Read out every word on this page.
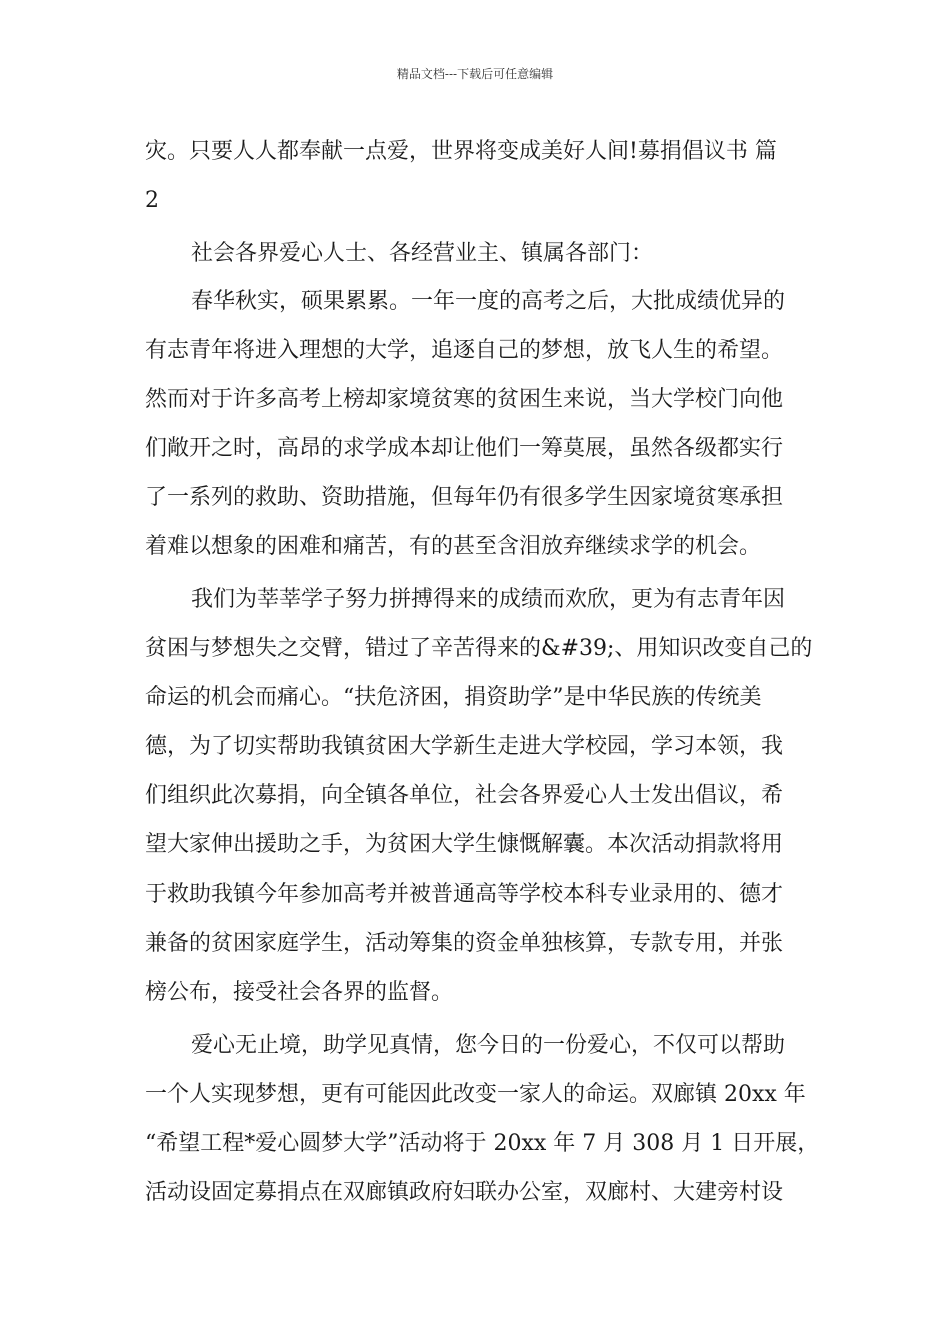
精品文档---下载后可任意编辑
灾。只要人人都奉献一点爱，世界将变成美好人间!募捐倡议书 篇
2
社会各界爱心人士、各经营业主、镇属各部门：
春华秋实，硕果累累。一年一度的高考之后，大批成绩优异的
有志青年将进入理想的大学，追逐自己的梦想，放飞人生的希望。
然而对于许多高考上榜却家境贫寒的贫困生来说，当大学校门向他
们敞开之时，高昂的求学成本却让他们一筹莫展，虽然各级都实行
了一系列的救助、资助措施，但每年仍有很多学生因家境贫寒承担
着难以想象的困难和痛苦，有的甚至含泪放弃继续求学的机会。
我们为莘莘学子努力拼搏得来的成绩而欢欣，更为有志青年因
贫困与梦想失之交臂，错过了辛苦得来的&#39;、用知识改变自己的
命运的机会而痛心。“扶危济困，捐资助学”是中华民族的传统美
德，为了切实帮助我镇贫困大学新生走进大学校园，学习本领，我
们组织此次募捐，向全镇各单位，社会各界爱心人士发出倡议，希
望大家伸出援助之手，为贫困大学生慷慨解囊。本次活动捐款将用
于救助我镇今年参加高考并被普通高等学校本科专业录用的、德才
兼备的贫困家庭学生，活动筹集的资金单独核算，专款专用，并张
榜公布，接受社会各界的监督。
爱心无止境，助学见真情，您今日的一份爱心，不仅可以帮助
一个人实现梦想，更有可能因此改变一家人的命运。双廊镇 20xx 年
“希望工程*爱心圆梦大学”活动将于 20xx 年 7 月 308 月 1 日开展，
活动设固定募捐点在双廊镇政府妇联办公室，双廊村、大建旁村设
